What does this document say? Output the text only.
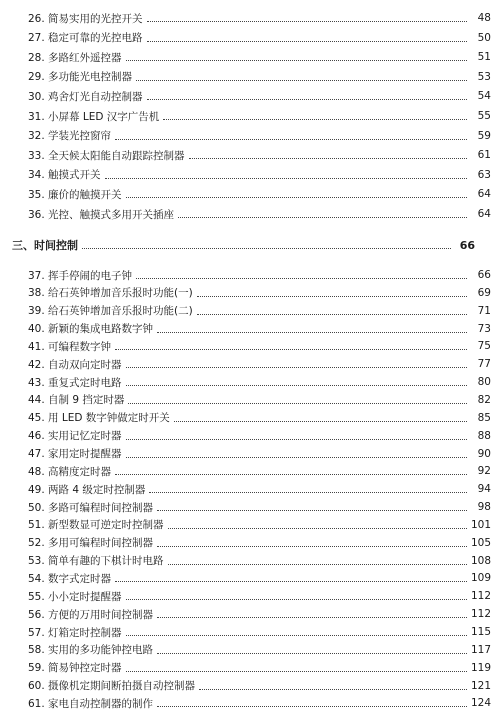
26. 简易实用的光控开关	48
27. 稳定可靠的光控电路	50
28. 多路红外遥控器	51
29. 多功能光电控制器	53
30. 鸡舍灯光自动控制器	54
31. 小屏幕 LED 汉字广告机	55
32. 学装光控窗帘	59
33. 全天候太阳能自动跟踪控制器	61
34. 触摸式开关	63
35. 廉价的触摸开关	64
36. 光控、触摸式多用开关插座	64
三、时间控制	66
37. 挥手停闹的电子钟	66
38. 给石英钟增加音乐报时功能(一)	69
39. 给石英钟增加音乐报时功能(二)	71
40. 新颖的集成电路数字钟	73
41. 可编程数字钟	75
42. 自动双向定时器	77
43. 重复式定时电路	80
44. 自制 9 挡定时器	82
45. 用 LED 数字钟做定时开关	85
46. 实用记忆定时器	88
47. 家用定时提醒器	90
48. 高精度定时器	92
49. 两路 4 级定时控制器	94
50. 多路可编程时间控制器	98
51. 新型数显可逆定时控制器	101
52. 多用可编程时间控制器	105
53. 简单有趣的下棋计时电路	108
54. 数字式定时器	109
55. 小小定时提醒器	112
56. 方便的万用时间控制器	112
57. 灯箱定时控制器	115
58. 实用的多功能钟控电路	117
59. 简易钟控定时器	119
60. 摄像机定期间断拍摄自动控制器	121
61. 家电自动控制器的制作	124
